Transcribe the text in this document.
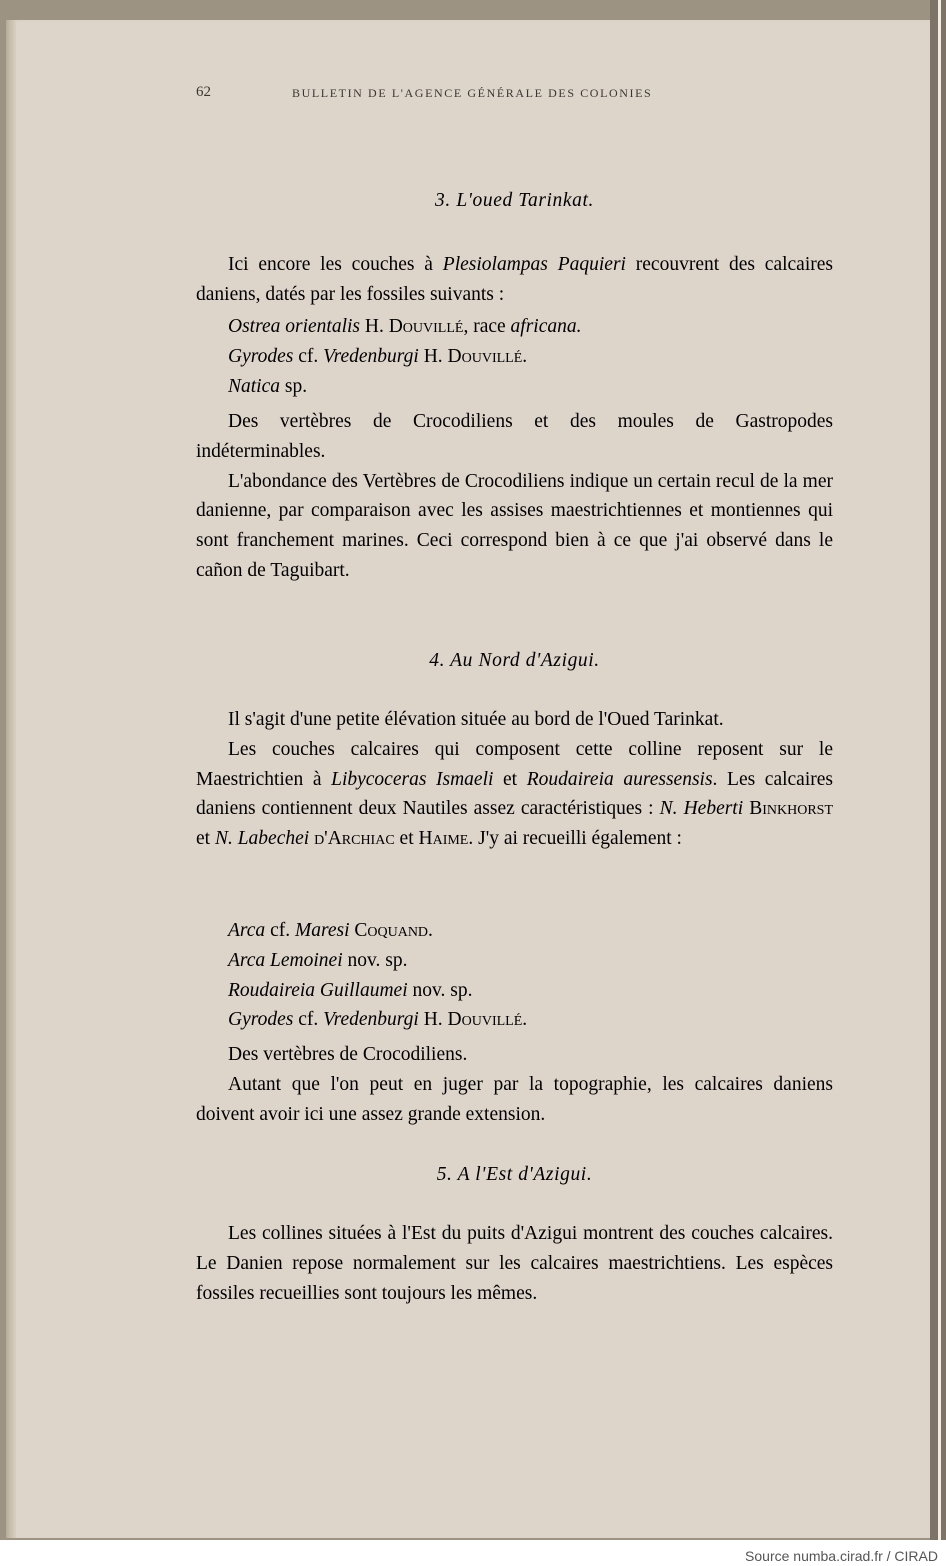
62	BULLETIN DE L'AGENCE GÉNÉRALE DES COLONIES
3. L'oued Tarinkat.

Ici encore les couches à Plesiolampas Paquieri recouvrent des calcaires daniens, datés par les fossiles suivants :

Ostrea orientalis H. Douvillé, race africana.
Gyrodes cf. Vredenburgi H. Douvillé.
Natica sp.

Des vertèbres de Crocodiliens et des moules de Gastropodes indéterminables.

L'abondance des Vertèbres de Crocodiliens indique un certain recul de la mer danienne, par comparaison avec les assises maestrichtiennes et montiennes qui sont franchement marines. Ceci correspond bien à ce que j'ai observé dans le cañon de Taguibart.

4. Au Nord d'Azigui.

Il s'agit d'une petite élévation située au bord de l'Oued Tarinkat.

Les couches calcaires qui composent cette colline reposent sur le Maestrichtien à Libycoceras Ismaeli et Roudaireia auressensis. Les calcaires daniens contiennent deux Nautiles assez caractéristiques : N. Heberti Binkhorst et N. Labechei d'Archiac et Haime. J'y ai recueilli également :

Arca cf. Maresi Coquand.
Arca Lemoinei nov. sp.
Roudaireia Guillaumei nov. sp.
Gyrodes cf. Vredenburgi H. Douvillé.

Des vertèbres de Crocodiliens.

Autant que l'on peut en juger par la topographie, les calcaires daniens doivent avoir ici une assez grande extension.

5. A l'Est d'Azigui.

Les collines situées à l'Est du puits d'Azigui montrent des couches calcaires. Le Danien repose normalement sur les calcaires maestrichtiens. Les espèces fossiles recueillies sont toujours les mêmes.

Source numba.cirad.fr / CIRAD
